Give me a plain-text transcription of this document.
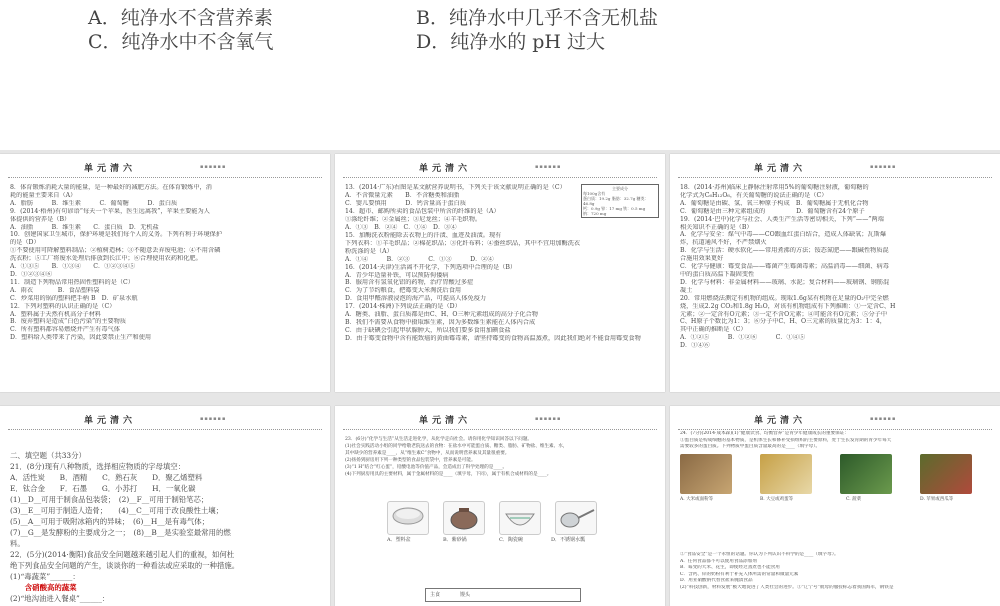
A．纯净水不含营养素	B．纯净水中几乎不含无机盐
C．纯净水中不含氧气	D．纯净水的 pH 过大
单元清六	▪▪▪▪▪▪
8．体育锻炼消耗大量的能量，是一种最好的减肥方法。在体育锻炼中，消
耗的能量主要来自（A）
A．脂肪　　　B．维生素　　　C．葡萄糖　　　D．蛋白质
9．(2014·梧州)有句谚语“每天一个苹果，医生远离我”，苹果主要能为人
体提供的营养是（B）
A．油脂　　　B．维生素　　C．蛋白质　D．无机盐
10．创建国家卫生城市，保护环境是我们每个人的义务。下列有利于环境保护
的是（D）
①不要使用可降解塑料制品；②植树造林；③不随意丢弃废电池；④不用含磷
洗衣粉；⑤工厂将废水处理后排放到长江中；⑥合理使用农药和化肥。
A．①③⑤　　B．①③④　　C．①②③④⑤
D．①②③④⑥
11．制造下列物品常用热固性塑料的是（C）
A．雨衣　　　　B．食品塑料袋
C．炒菜用的锅的塑料把手柄 B　D．矿泉水瓶
12．下列对塑料的认识正确的是（C）
A．塑料属于天然有机高分子材料
B．废弃塑料是造成“白色污染”的主要物质
C．所有塑料都容易燃烧并产生有毒气体
D．塑料给人类带来了污染，因此要禁止生产和使用
单元清六	▪▪▪▪▪▪
13．(2014·广东)右图是某文献营养说明书，下列关于该文献说明正确的是（C）
A．不含微量元素　　B．不含糖类和油脂
C．婴儿要慎用　　　D．钙含量高于蛋白质
14．超市、邮购所卖的食品包装中所含的纤维的是（A）
①涤纶纤维；②金属丝；③尼龙丝；④羊毛织物。
A．①③　B．②④　C．①④　D．③④
主要成分
每100g含有
蛋白质：19.2g 脂肪：32.7g 糖类：46.8g
钙：0.9g 锌：17 mg 铁：0.5 mg
钠：720 mg
15．加酶洗衣粉能除去衣物上的汗渍、血迹及油渍。现有
下列衣料：①羊毛织品；②棉花织品；③化纤布料；④蚕丝织品，其中不宜用加酶洗衣
粉洗涤的是（A）
A．①④　　　B．②③　　　C．①③　　　D．②④
16．(2014·天津)生活离不开化学，下列选项中合理的是（B）
A．青少年适量补铁，可以预防佝偻病
B．服用含有氢氧化铝的药物，治疗胃酸过多症
C．为了节约粮食，把霉变大米淘洗后食用
D．食用甲醛溶液浸泡的海产品，可提高人体免疫力
17．(2014·株洲)下列说法正确的是（D）
A．糖类、油脂、蛋白质都是由C、H、O三种元素组成的高分子化合物
B．我们不需要从食物中摄取维生素，因为多数维生素能在人体内合成
C．由于缺碘会引起甲状腺肿大，所以我们要多食用加碘食盐
D．由于霉变食物中含有能致癌的黄曲霉毒素，请坚持霉变的食物高温蒸煮，因此我们绝对不能食用霉变食物
单元清六	▪▪▪▪▪▪
18．(2014·苏州)临床上静脉注射常用5%的葡萄糖注射液，葡萄糖的
化学式为C₆H₁₂O₆，有关葡萄糖的说法正确的是（C）
A．葡萄糖是由碳、氢、氧三种原子构成　B．葡萄糖属于无机化合物
C．葡萄糖是由三种元素组成的　　　　　D．葡萄糖含有24个原子
19．(2014·巴中)化学与社会、人类生产生活等密切相关，下列“——”两端
相关知识不正确的是（B）
A．化学与安全：煤气中毒——CO跟血红蛋白结合，造成人体缺氧；瓦斯爆
炸，抗道通风不好，不严禁烟火
B．化学与生活：硬水软化——常用煮沸的方法；铵态氮肥——跟碱性物质混
合施用效果更好
C．化学与健康：霉变食品——霉菌产生霉菌毒素；高温消毒——细菌、病毒
中的蛋白质高温下凝固变性
D．化学与材料：非金属材料——玻璃、水泥；复合材料——玻璃钢、钢筋混
凝土
20．常用燃烧法测定有机物的组成。现取1.6g某有机物在足量的O₂中完全燃
烧，生成2.2g CO₂和1.8g H₂O，对该有机物组成有下列推断：①一定含C、H
元素；②一定含有O元素；③一定不含O元素；④可能含有O元素；⑤分子中
C、H原子个数比为1：3；⑥分子中C、H、O三元素的质量比为3：1：4，
其中正确的推断是（C）
A．①②⑤　　　B．①②⑥　　　C．①④⑤
D．①④⑥
单元清六	▪▪▪▪▪▪
二、填空题（共33分）
21．(8分)现有八种物质，选择相应物质的字母填空：
A．活性炭　　B．酒精　　C．熟石灰　　D．聚乙烯塑料
E．钛合金　　F．石墨　　G．小苏打　　H．一氧化碳
(1)__D__可用于制食品包装袋；　(2)__F__可用于制铅笔芯；
(3)__E__可用于制造人造骨；　　(4)__C__可用于改良酸性土壤；
(5)__A__可用于吸附冰箱内的异味；　(6)__H__是有毒气体；
(7)__G__是发酵粉的主要成分之一；　(8)__B__是实验室最常用的燃
料。
22．(5分)(2014·衡阳)食品安全问题越来越引起人们的重视，如何杜
绝下列食品安全问题的产生，谈谈你的一种看法或应采取的一种措施。
(1)“毒蔬菜”______：
　　含硝酸高的蔬菜
(2)“地沟油进入餐桌”______：
单元清六	▪▪▪▪▪▪
23．(6分)“化学与生活”从生活走进化学，从化学走向社会。请你用化学知识回答以下问题。
(1)社会实践活动小组的同学给敬老院送去的食物：在盐水中可能蛋白质、糖类、脂肪、矿物盐、维生素、水，
其中缺少的营养素是____，从“维生素C”食物中，从而说明营养素及其量很重要。
(2)扬扬到厨房用下列一种类型的食品包装袋中，营养素是可能。
(3)“1 H”结合“红心蛋”，铅酸电池等价值产品，会造成出了科学处理的是____。
(4)下列厨房用具的主要材料，属于金属材料的是____（填字母，下同），属于有机合成材料的是____。
A．塑料盆	B．紫砂锅	C．陶瓷碗	D．不锈钢水瓢
主食　　　　馒头
单元清六	▪▪▪▪▪▪
24．(7分)(2014·成本森)(1)“健康饮食、均衡营养”是青少年健康成长的重要保证：
①蛋白质是构成细胞的基本物质，是机体生长和修补受损组织的主要原料，处于生长发育期的青少年每天
需要较多的蛋白质。下列物质中蛋白质含量最高的是____（填字母）。
A. 大米或面粉等	B. 大豆或鸡蛋等	C. 菠菜	D. 苹果或西瓜等
②“食品安全”是一个永恒的话题。你认为下列认识不科学的是____（填字母）。
A．任何食品都不可以使用食品添加剂
B．霉变的大米、花生，即使经过蒸煮也不能食用
C．含钙、锌的奶粉有利于补充人体所需的常量和微量元素
D．用亚硝酸钠代替食盐来腌渍食品
(2)“科技创新，材料发展”极大地促进了人类社会的进步。①“辽宁号”航母的服役标志着我国海军，钢铁是
